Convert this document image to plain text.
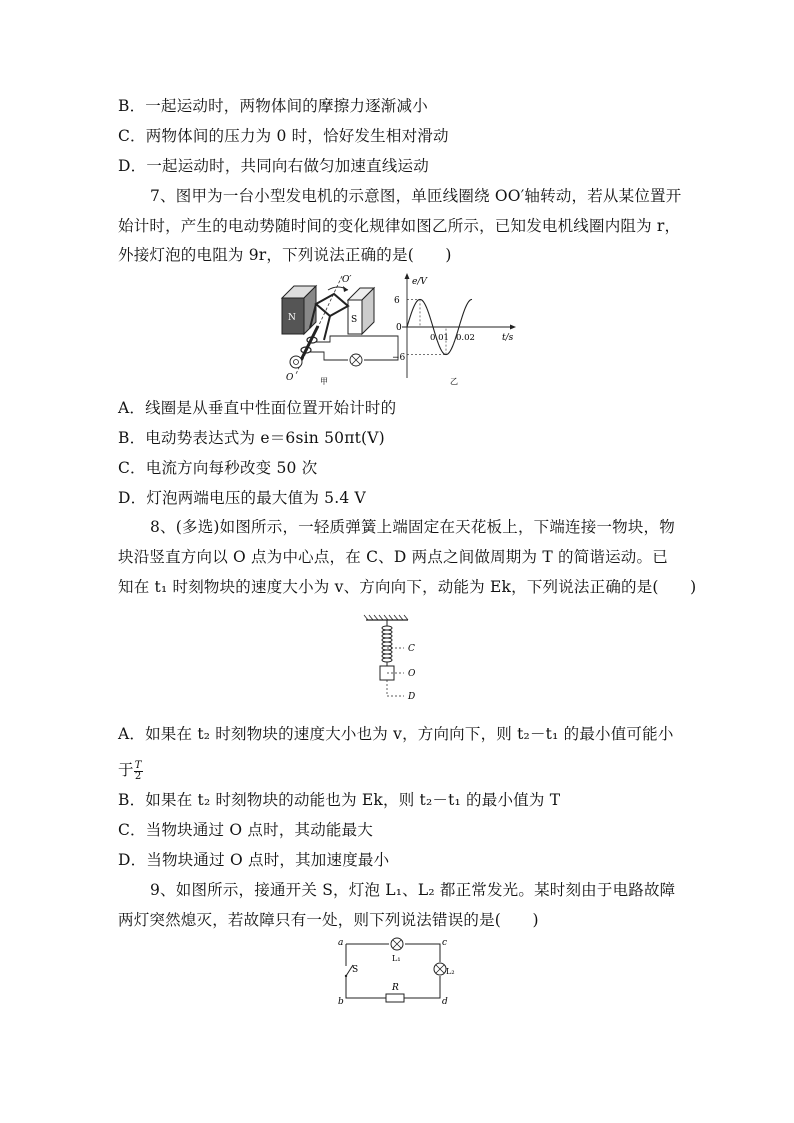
B．一起运动时，两物体间的摩擦力逐渐减小
C．两物体间的压力为 0 时，恰好发生相对滑动
D．一起运动时，共同向右做匀加速直线运动
7、图甲为一台小型发电机的示意图，单匝线圈绕 OO′轴转动，若从某位置开
始计时，产生的电动势随时间的变化规律如图乙所示，已知发电机线圈内阻为 r，
外接灯泡的电阻为 9r，下列说法正确的是(　　)
N	S
O′
O	甲
e/V
t/s
6
0
−6
0.01 0.02
乙
A．线圈是从垂直中性面位置开始计时的
B．电动势表达式为 e＝6sin 50πt(V)
C．电流方向每秒改变 50 次
D．灯泡两端电压的最大值为 5.4 V
8、(多选)如图所示，一轻质弹簧上端固定在天花板上，下端连接一物块，物
块沿竖直方向以 O 点为中心点，在 C、D 两点之间做周期为 T 的简谐运动。已
知在 t₁ 时刻物块的速度大小为 v、方向向下，动能为 Ek，下列说法正确的是(　　)
C
O
D
A．如果在 t₂ 时刻物块的速度大小也为 v，方向向下，则 t₂－t₁ 的最小值可能小
于 $\frac{T}{2}$
B．如果在 t₂ 时刻物块的动能也为 Ek，则 t₂－t₁ 的最小值为 T
C．当物块通过 O 点时，其动能最大
D．当物块通过 O 点时，其加速度最小
9、如图所示，接通开关 S，灯泡 L₁、L₂ 都正常发光。某时刻由于电路故障
两灯突然熄灭，若故障只有一处，则下列说法错误的是(　　)
S
L₁
L₂
R
a
b
c
d
